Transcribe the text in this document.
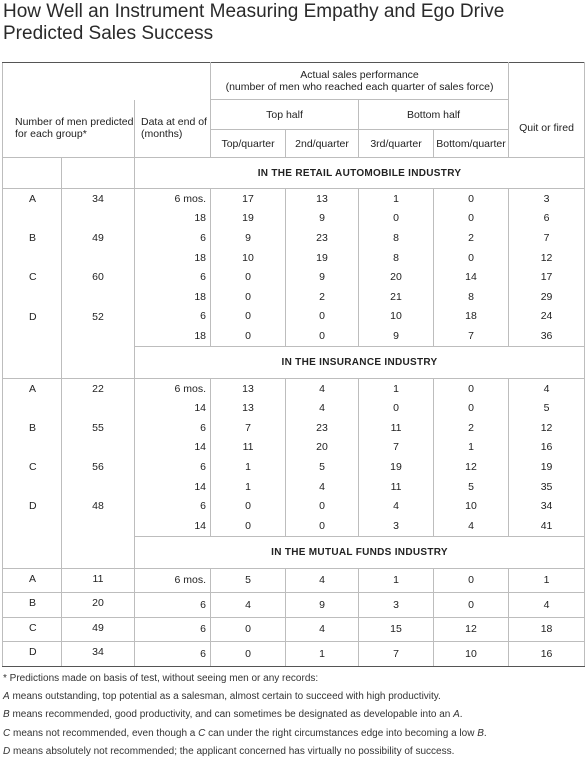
How Well an Instrument Measuring Empathy and Ego Drive Predicted Sales Success

			Actual sales performance
(number of men who reached each quarter of sales force)				

Number of men predicted for each group*		Data at end of (months)	Top half		Bottom half		Quit or fired
			Top/quarter	2nd/quarter	3rd/quarter	Bottom/quarter	
		IN THE RETAIL AUTOMOBILE INDUSTRY					
A	34	6 mos.	17	13	1	0	3
		18	19	9	0	0	6
B	49	6	9	23	8	2	7
		18	10	19	8	0	12
C	60	6	0	9	20	14	17
		18	0	2	21	8	29
D	52	6	0	0	10	18	24
		18	0	0	9	7	36
		IN THE INSURANCE INDUSTRY					
A	22	6 mos.	13	4	1	0	4
		14	13	4	0	0	5
B	55	6	7	23	11	2	12
		14	11	20	7	1	16
C	56	6	1	5	19	12	19
		14	1	4	11	5	35
D	48	6	0	0	4	10	34
		14	0	0	3	4	41
		IN THE MUTUAL FUNDS INDUSTRY					
A	11	6 mos.	5	4	1	0	1
B	20	6	4	9	3	0	4
C	49	6	0	4	15	12	18
D	34	6	0	1	7	10	16

* Predictions made on basis of test, without seeing men or any records:

A means outstanding, top potential as a salesman, almost certain to succeed with high productivity.

B means recommended, good productivity, and can sometimes be designated as developable into an A.

C means not recommended, even though a C can under the right circumstances edge into becoming a low B.

D means absolutely not recommended; the applicant concerned has virtually no possibility of success.
